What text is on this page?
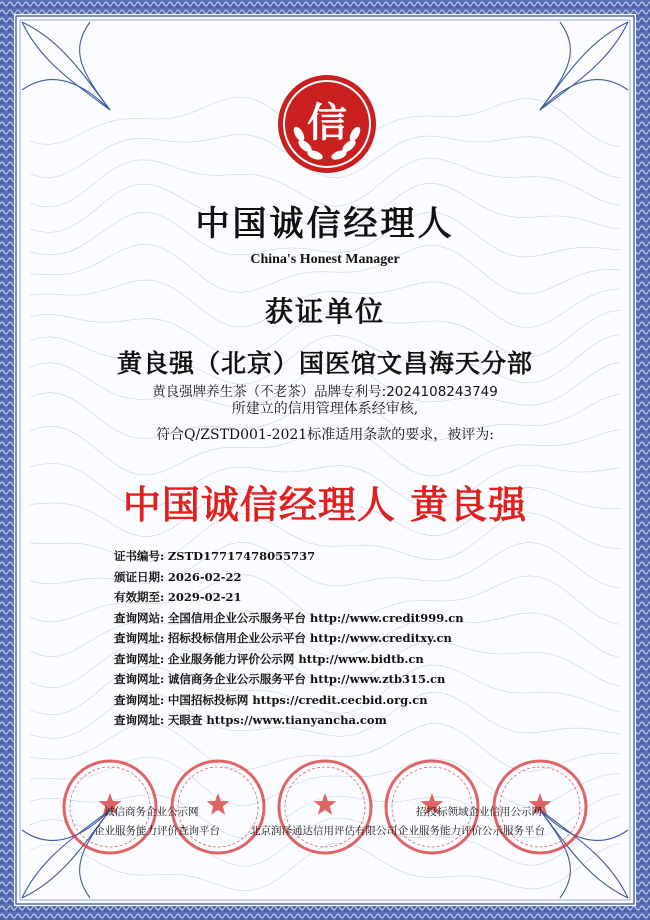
信
中国诚信经理人
China's Honest Manager
获证单位
黄良强（北京）国医馆文昌海天分部
黄良强牌养生茶（不老茶）品牌专利号:2024108243749
所建立的信用管理体系经审核,
符合Q/ZSTD001-2021标准适用条款的要求，被评为:
中国诚信经理人 黄良强
证书编号: ZSTD17717478055737
颁证日期: 2026-02-22
有效期至: 2029-02-21
查询网站: 全国信用企业公示服务平台 http://www.credit999.cn
查询网址: 招标投标信用企业公示平台 http://www.creditxy.cn
查询网址: 企业服务能力评价公示网 http://www.bidtb.cn
查询网址: 诚信商务企业公示服务平台 http://www.ztb315.cn
查询网址: 中国招标投标网 https://credit.cecbid.org.cn
查询网址: 天眼查 https://www.tianyancha.com
诚信商务企业公示网
企业服务能力评价查询平台	北京润泽通达信用评估有限公司
招投标领域企业信用公示网
企业服务能力评价公示服务平台
